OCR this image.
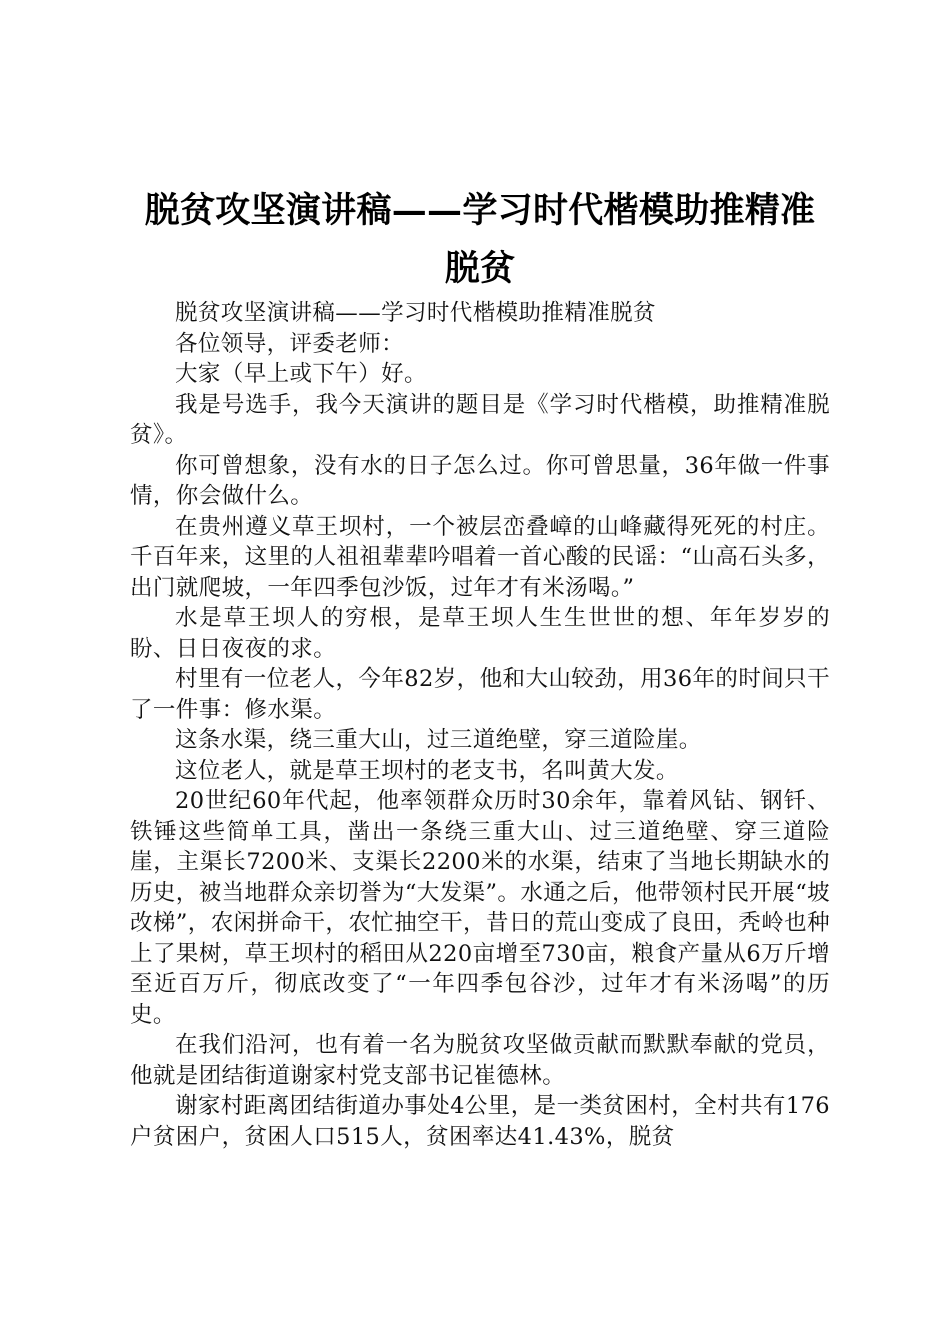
脱贫攻坚演讲稿——学习时代楷模助推精准脱贫

脱贫攻坚演讲稿——学习时代楷模助推精准脱贫

各位领导，评委老师：

大家（早上或下午）好。

我是号选手，我今天演讲的题目是《学习时代楷模，助推精准脱贫》。

你可曾想象，没有水的日子怎么过。你可曾思量，36年做一件事情，你会做什么。

在贵州遵义草王坝村，一个被层峦叠嶂的山峰藏得死死的村庄。千百年来，这里的人祖祖辈辈吟唱着一首心酸的民谣：“山高石头多，出门就爬坡，一年四季包沙饭，过年才有米汤喝。”

水是草王坝人的穷根，是草王坝人生生世世的想、年年岁岁的盼、日日夜夜的求。

村里有一位老人，今年82岁，他和大山较劲，用36年的时间只干了一件事：修水渠。

这条水渠，绕三重大山，过三道绝壁，穿三道险崖。

这位老人，就是草王坝村的老支书，名叫黄大发。

20世纪60年代起，他率领群众历时30余年，靠着风钻、钢钎、铁锤这些简单工具，凿出一条绕三重大山、过三道绝壁、穿三道险崖，主渠长7200米、支渠长2200米的水渠，结束了当地长期缺水的历史，被当地群众亲切誉为“大发渠”。水通之后，他带领村民开展“坡改梯”，农闲拼命干，农忙抽空干，昔日的荒山变成了良田，秃岭也种上了果树，草王坝村的稻田从220亩增至730亩，粮食产量从6万斤增至近百万斤，彻底改变了“一年四季包谷沙，过年才有米汤喝”的历史。

在我们沿河，也有着一名为脱贫攻坚做贡献而默默奉献的党员，他就是团结街道谢家村党支部书记崔德林。

谢家村距离团结街道办事处4公里，是一类贫困村，全村共有176户贫困户，贫困人口515人，贫困率达41.43%，脱贫
